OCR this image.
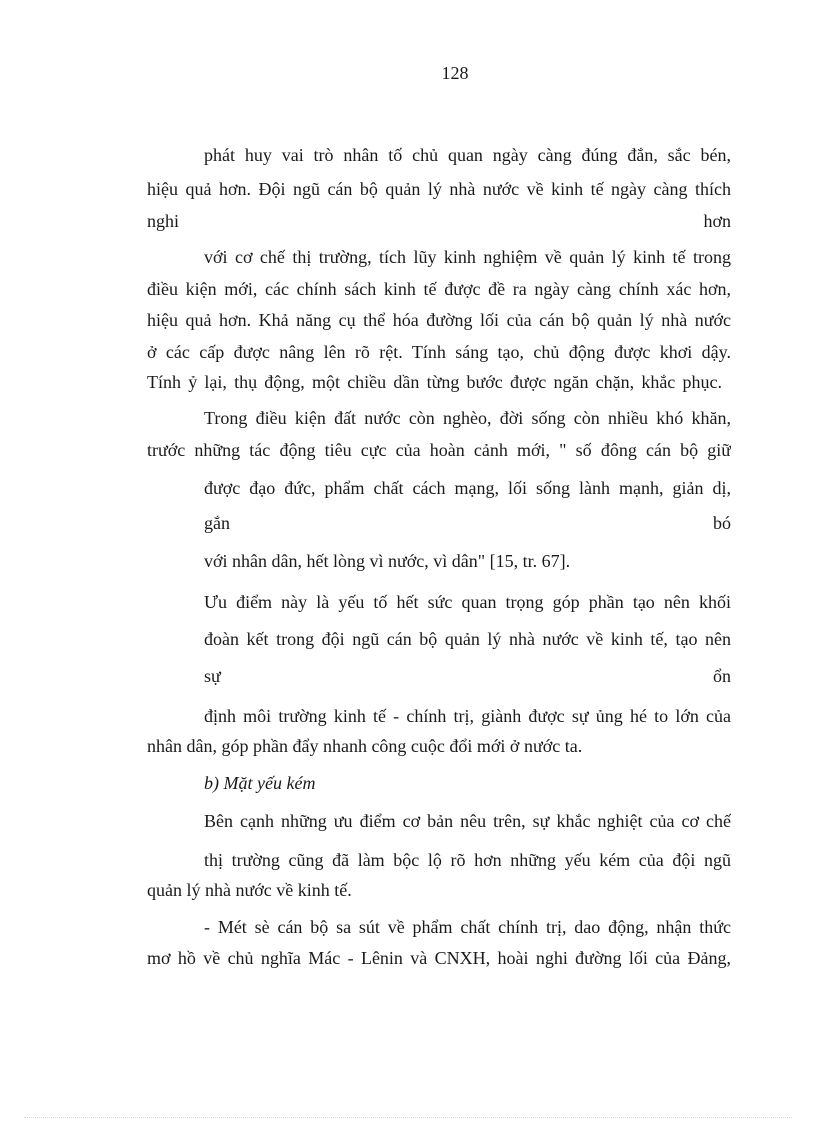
128
phát huy vai trò nhân tố chủ quan ngày càng đúng đắn, sắc bén,
hiệu quả hơn. Đội ngũ cán bộ quản lý nhà nước về kinh tế ngày càng thích
nghi	hơn
với cơ chế thị trường, tích lũy kinh nghiệm về quản lý kinh tế trong
điều kiện mới, các chính sách kinh tế được đề ra ngày càng chính xác hơn,
hiệu quả hơn. Khả năng cụ thể hóa đường lối của cán bộ quản lý nhà nước
ở các cấp được nâng lên rõ rệt. Tính sáng tạo, chủ động được khơi dậy.
Tính ỷ lại, thụ động, một chiều dần từng bước được ngăn chặn, khắc phục.
Trong điều kiện đất nước còn nghèo, đời sống còn nhiều khó khăn,
trước những tác động tiêu cực của hoàn cảnh mới, " số đông cán bộ giữ
được đạo đức, phẩm chất cách mạng, lối sống lành mạnh, giản dị,
gắn	bó
với nhân dân, hết lòng vì nước, vì dân" [15, tr. 67].
Ưu điểm này là yếu tố hết sức quan trọng góp phần tạo nên khối
đoàn kết trong đội ngũ cán bộ quản lý nhà nước về kinh tế, tạo nên
sự	ổn
định môi trường kinh tế - chính trị, giành được sự ủng hé to lớn của
nhân dân, góp phần đẩy nhanh công cuộc đổi mới ở nước ta.
b) Mặt yếu kém
Bên cạnh những ưu điểm cơ bản nêu trên, sự khắc nghiệt của cơ chế
thị trường cũng đã làm bộc lộ rõ hơn những yếu kém của đội ngũ
quản lý nhà nước về kinh tế.
- Mét sè cán bộ sa sút về phẩm chất chính trị, dao động, nhận thức
mơ hồ về chủ nghĩa Mác - Lênin và CNXH, hoài nghi đường lối của Đảng,
